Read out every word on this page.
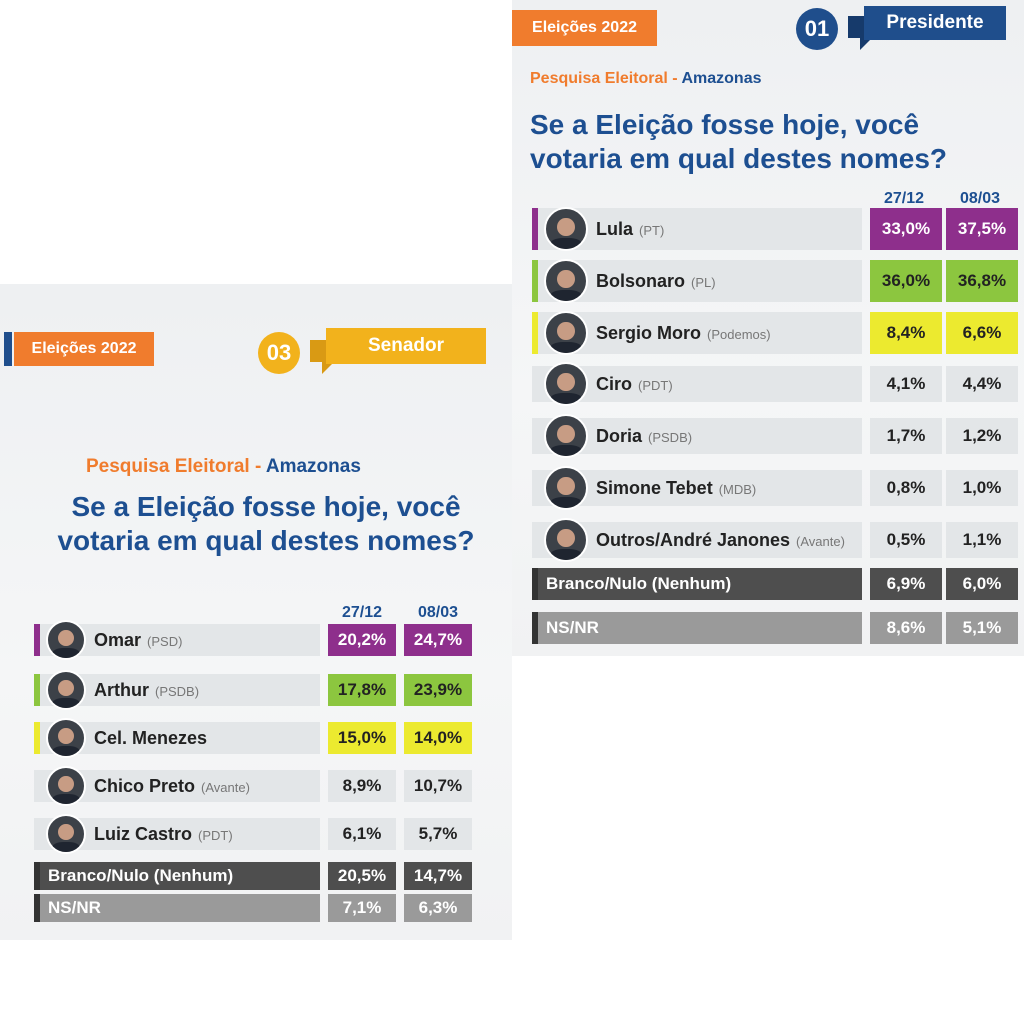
Eleições 2022	03	Senador
Pesquisa Eleitoral - Amazonas
Se a Eleição fosse hoje, você
votaria em qual destes nomes?
27/12	08/03
Omar (PSD)	20,2%	24,7%
Arthur (PSDB)	17,8%	23,9%
Cel. Menezes	15,0%	14,0%
Chico Preto (Avante)	8,9%	10,7%
Luiz Castro (PDT)	6,1%	5,7%
Branco/Nulo (Nenhum)	20,5%	14,7%
NS/NR	7,1%	6,3%
Eleições 2022	01	Presidente
Pesquisa Eleitoral - Amazonas
Se a Eleição fosse hoje, você
votaria em qual destes nomes?
27/12	08/03
Lula (PT)	33,0%	37,5%
Bolsonaro (PL)	36,0%	36,8%
Sergio Moro (Podemos)	8,4%	6,6%
Ciro (PDT)	4,1%	4,4%
Doria (PSDB)	1,7%	1,2%
Simone Tebet (MDB)	0,8%	1,0%
Outros/André Janones (Avante)	0,5%	1,1%
Branco/Nulo (Nenhum)	6,9%	6,0%
NS/NR	8,6%	5,1%
